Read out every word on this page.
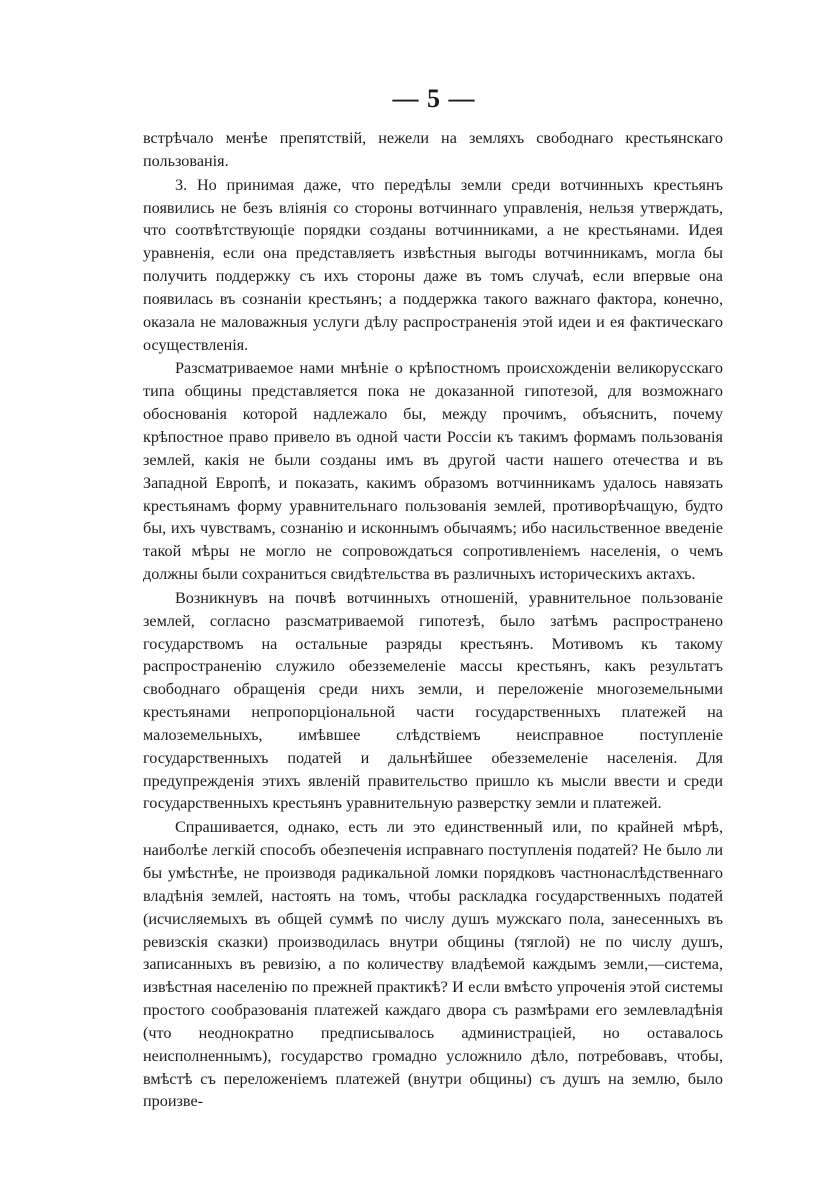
— 5 —

встрѣчало менѣе препятствій, нежели на земляхъ свободнаго крестьянскаго пользованія.

3. Но принимая даже, что передѣлы земли среди вотчинныхъ крестьянъ появились не безъ вліянія со стороны вотчиннаго управленія, нельзя утверждать, что соотвѣтствующіе порядки созданы вотчинниками, а не крестьянами. Идея уравненія, если она представляетъ извѣстныя выгоды вотчинникамъ, могла бы получить поддержку съ ихъ стороны даже въ томъ случаѣ, если впервые она появилась въ сознаніи крестьянъ; а поддержка такого важнаго фактора, конечно, оказала не маловажныя услуги дѣлу распространенія этой идеи и ея фактическаго осуществленія.

Разсматриваемое нами мнѣніе о крѣпостномъ происхожденіи великорусскаго типа общины представляется пока не доказанной гипотезой, для возможнаго обоснованія которой надлежало бы, между прочимъ, объяснить, почему крѣпостное право привело въ одной части Россіи къ такимъ формамъ пользованія землей, какія не были созданы имъ въ другой части нашего отечества и въ Западной Европѣ, и показать, какимъ образомъ вотчинникамъ удалось навязать крестьянамъ форму уравнительнаго пользованія землей, противорѣчащую, будто бы, ихъ чувствамъ, сознанію и исконнымъ обычаямъ; ибо насильственное введеніе такой мѣры не могло не сопровождаться сопротивленіемъ населенія, о чемъ должны были сохраниться свидѣтельства въ различныхъ историческихъ актахъ.

Возникнувъ на почвѣ вотчинныхъ отношеній, уравнительное пользованіе землей, согласно разсматриваемой гипотезѣ, было затѣмъ распространено государствомъ на остальные разряды крестьянъ. Мотивомъ къ такому распространенію служило обезземеленіе массы крестьянъ, какъ результатъ свободнаго обращенія среди нихъ земли, и переложеніе многоземельными крестьянами непропорціональной части государственныхъ платежей на малоземельныхъ, имѣвшее слѣдствіемъ неисправное поступленіе государственныхъ податей и дальнѣйшее обезземеленіе населенія. Для предупрежденія этихъ явленій правительство пришло къ мысли ввести и среди государственныхъ крестьянъ уравнительную разверстку земли и платежей.

Спрашивается, однако, есть ли это единственный или, по крайней мѣрѣ, наиболѣе легкій способъ обезпеченія исправнаго поступленія податей? Не было ли бы умѣстнѣе, не производя радикальной ломки порядковъ частнонаслѣдственнаго владѣнія землей, настоять на томъ, чтобы раскладка государственныхъ податей (исчисляемыхъ въ общей суммѣ по числу душъ мужскаго пола, занесенныхъ въ ревизскія сказки) производилась внутри общины (тяглой) не по числу душъ, записанныхъ въ ревизію, а по количеству владѣемой каждымъ земли,—система, извѣстная населенію по прежней практикѣ? И если вмѣсто упроченія этой системы простого сообразованія платежей каждаго двора съ размѣрами его землевладѣнія (что неоднократно предписывалось администраціей, но оставалось неисполненнымъ), государство громадно усложнило дѣло, потребовавъ, чтобы, вмѣстѣ съ переложеніемъ платежей (внутри общины) съ душъ на землю, было произве-
